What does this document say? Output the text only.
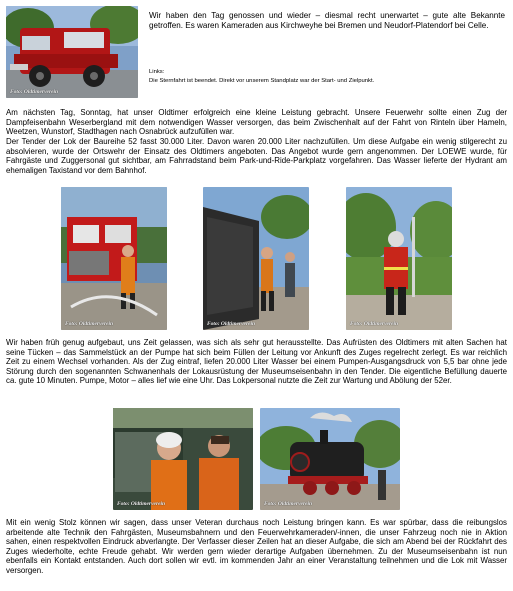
Foto: Oldtimerverein

Wir haben den Tag genossen und wieder – diesmal recht unerwartet – gute alte Bekannte getroffen. Es waren Kameraden aus Kirchweyhe bei Bremen und Neudorf-Platendorf bei Celle.

Links:

Die Sternfahrt ist beendet. Direkt vor unserem Standplatz war der Start- und Zielpunkt.

Am nächsten Tag, Sonntag, hat unser Oldtimer erfolgreich eine kleine Leistung gebracht. Unsere Feuerwehr sollte einen Zug der Dampfeisenbahn Weserbergland mit dem notwendigen Wasser versorgen, das beim Zwischenhalt auf der Fahrt von Rinteln über Hameln, Weetzen, Wunstorf, Stadthagen nach Osnabrück aufzufüllen war.

Der Tender der Lok der Baureihe 52 fasst 30.000 Liter. Davon waren 20.000 Liter nachzufüllen. Um diese Aufgabe ein wenig stilgerecht zu absolvieren, wurde der Ortswehr der Einsatz des Oldtimers angeboten. Das Angebot wurde gern angenommen. Der LOEWE wurde, für Fahrgäste und Zuggersonal gut sichtbar, am Fahrradstand beim Park-und-Ride-Parkplatz vorgefahren. Das Wasser lieferte der Hydrant am ehemaligen Taxistand vor dem Bahnhof.

Foto: Oldtimerverein	Foto: Oldtimerverein	Foto: Oldtimerverein

Wir haben früh genug aufgebaut, uns Zeit gelassen, was sich als sehr gut herausstellte. Das Aufrüsten des Oldtimers mit alten Sachen hat seine Tücken – das Sammelstück an der Pumpe hat sich beim Füllen der Leitung vor Ankunft des Zuges regelrecht zerlegt. Es war reichlich Zeit zu einem Wechsel vorhanden. Als der Zug eintraf, liefen 20.000 Liter Wasser bei einem Pumpen-Ausgangsdruck von 5,5 bar ohne jede Störung durch den sogenannten Schwanenhals der Lokausrüstung der Museumseisenbahn in den Tender. Die eigentliche Befüllung dauerte ca. gute 10 Minuten. Pumpe, Motor – alles lief wie eine Uhr. Das Lokpersonal nutzte die Zeit zur Wartung und Abölung der 52er.

Foto: Oldtimerverein	Foto: Oldtimerverein

Mit ein wenig Stolz können wir sagen, dass unser Veteran durchaus noch Leistung bringen kann. Es war spürbar, dass die reibungslos arbeitende alte Technik den Fahrgästen, Museumsbahnern und den Feuerwehrkameraden/-innen, die unser Fahrzeug noch nie in Aktion sahen, einen respektvollen Eindruck abverlangte. Der Verfasser dieser Zeilen hat an dieser Aufgabe, die sich am Abend bei der Rückfahrt des Zuges wiederholte, echte Freude gehabt. Wir werden gern wieder derartige Aufgaben übernehmen. Zu der Museumseisenbahn ist nun ebenfalls ein Kontakt entstanden. Auch dort sollen wir evtl. im kommenden Jahr an einer Veranstaltung teilnehmen und die Lok mit Wasser versorgen.
